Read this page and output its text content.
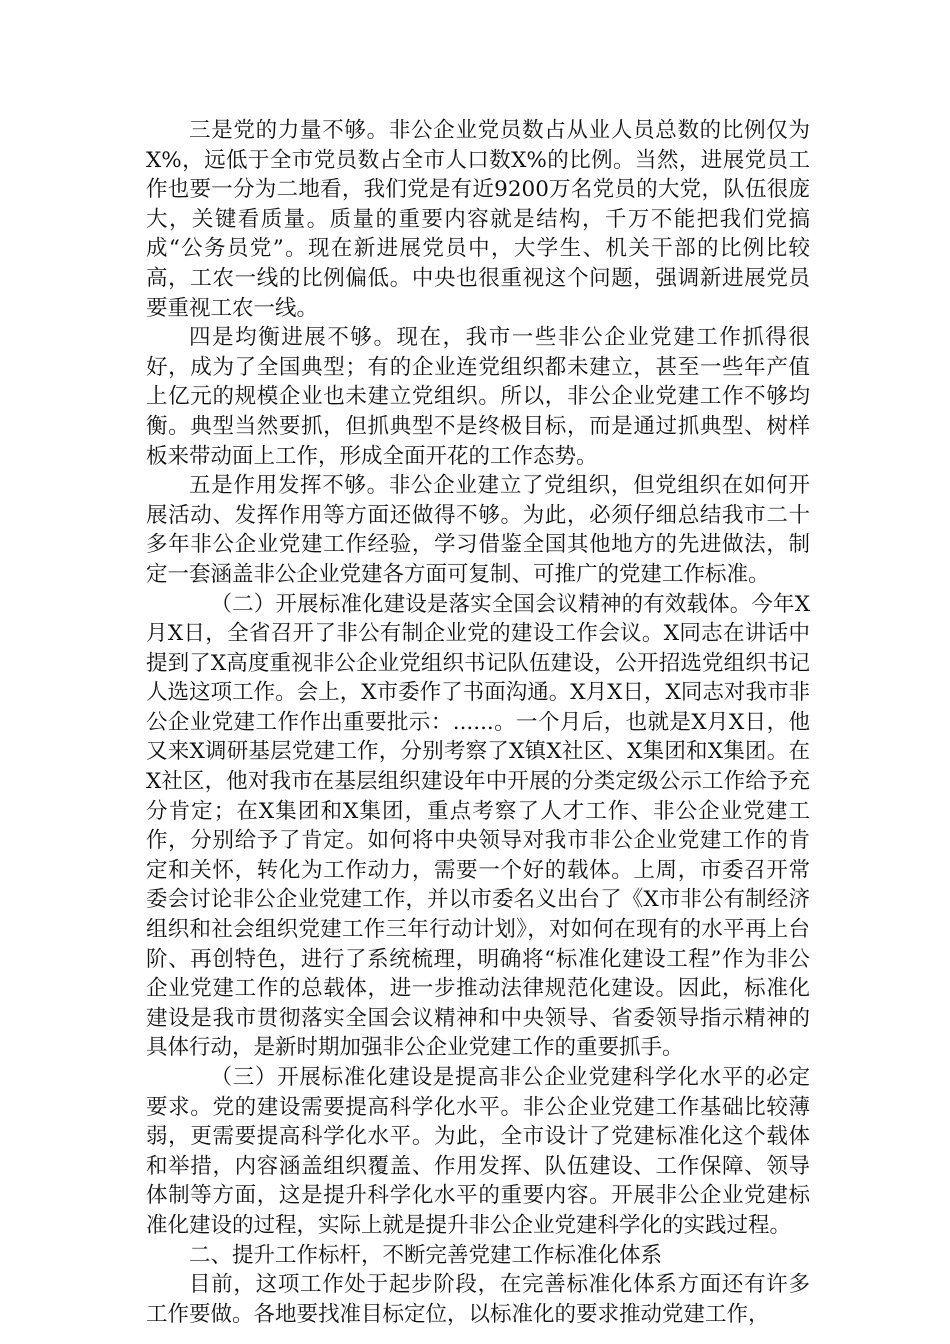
三是党的力量不够。非公企业党员数占从业人员总数的比例仅为X%，远低于全市党员数占全市人口数X%的比例。当然，进展党员工作也要一分为二地看，我们党是有近9200万名党员的大党，队伍很庞大，关键看质量。质量的重要内容就是结构，千万不能把我们党搞成“公务员党”。现在新进展党员中，大学生、机关干部的比例比较高，工农一线的比例偏低。中央也很重视这个问题，强调新进展党员要重视工农一线。

四是均衡进展不够。现在，我市一些非公企业党建工作抓得很好，成为了全国典型；有的企业连党组织都未建立，甚至一些年产值上亿元的规模企业也未建立党组织。所以，非公企业党建工作不够均衡。典型当然要抓，但抓典型不是终极目标，而是通过抓典型、树样板来带动面上工作，形成全面开花的工作态势。

五是作用发挥不够。非公企业建立了党组织，但党组织在如何开展活动、发挥作用等方面还做得不够。为此，必须仔细总结我市二十多年非公企业党建工作经验，学习借鉴全国其他地方的先进做法，制定一套涵盖非公企业党建各方面可复制、可推广的党建工作标准。

（二）开展标准化建设是落实全国会议精神的有效载体。今年X月X日，全省召开了非公有制企业党的建设工作会议。X同志在讲话中提到了X高度重视非公企业党组织书记队伍建设，公开招选党组织书记人选这项工作。会上，X市委作了书面沟通。X月X日，X同志对我市非公企业党建工作作出重要批示：......。一个月后，也就是X月X日，他又来X调研基层党建工作，分别考察了X镇X社区、X集团和X集团。在X社区，他对我市在基层组织建设年中开展的分类定级公示工作给予充分肯定；在X集团和X集团，重点考察了人才工作、非公企业党建工作，分别给予了肯定。如何将中央领导对我市非公企业党建工作的肯定和关怀，转化为工作动力，需要一个好的载体。上周，市委召开常委会讨论非公企业党建工作，并以市委名义出台了《X市非公有制经济组织和社会组织党建工作三年行动计划》，对如何在现有的水平再上台阶、再创特色，进行了系统梳理，明确将“标准化建设工程”作为非公企业党建工作的总载体，进一步推动法律规范化建设。因此，标准化建设是我市贯彻落实全国会议精神和中央领导、省委领导指示精神的具体行动，是新时期加强非公企业党建工作的重要抓手。

（三）开展标准化建设是提高非公企业党建科学化水平的必定要求。党的建设需要提高科学化水平。非公企业党建工作基础比较薄弱，更需要提高科学化水平。为此，全市设计了党建标准化这个载体和举措，内容涵盖组织覆盖、作用发挥、队伍建设、工作保障、领导体制等方面，这是提升科学化水平的重要内容。开展非公企业党建标准化建设的过程，实际上就是提升非公企业党建科学化的实践过程。

二、提升工作标杆，不断完善党建工作标准化体系

目前，这项工作处于起步阶段，在完善标准化体系方面还有许多工作要做。各地要找准目标定位，以标准化的要求推动党建工作，
